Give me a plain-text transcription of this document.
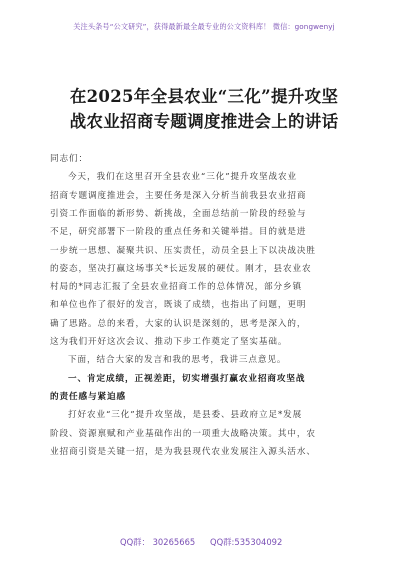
关注头条号“公文研究”，获得最新最全最专业的公文资料库！ 微信：gongwenyj
在2025年全县农业“三化”提升攻坚
战农业招商专题调度推进会上的讲话
同志们：
今天，我们在这里召开全县农业“三化”提升攻坚战农业
招商专题调度推进会，主要任务是深入分析当前我县农业招商
引资工作面临的新形势、新挑战，全面总结前一阶段的经验与
不足，研究部署下一阶段的重点任务和关键举措。目的就是进
一步统一思想、凝聚共识、压实责任，动员全县上下以决战决胜
的姿态，坚决打赢这场事关*长远发展的硬仗。刚才，县农业农
村局的*同志汇报了全县农业招商工作的总体情况，部分乡镇
和单位也作了很好的发言，既谈了成绩，也指出了问题，更明
确了思路。总的来看，大家的认识是深刻的，思考是深入的，
这为我们开好这次会议、推动下步工作奠定了坚实基础。
下面，结合大家的发言和我的思考，我讲三点意见。
一、肯定成绩，正视差距，切实增强打赢农业招商攻坚战
的责任感与紧迫感
打好农业“三化”提升攻坚战，是县委、县政府立足*发展
阶段、资源禀赋和产业基础作出的一项重大战略决策。其中，农
业招商引资是关键一招，是为我县现代农业发展注入源头活水、
QQ群： 30265665 QQ群:535304092
